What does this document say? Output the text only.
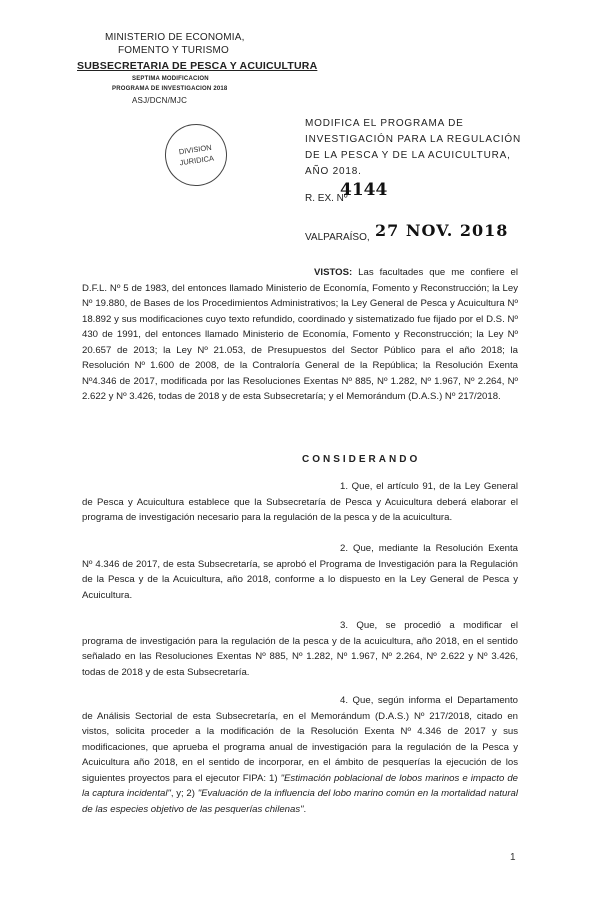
MINISTERIO DE ECONOMIA,
FOMENTO Y TURISMO
SUBSECRETARIA DE PESCA Y ACUICULTURA
SEPTIMA MODIFICACION
PROGRAMA DE INVESTIGACION 2018
ASJ/DCN/MJC
DIVISION
JURIDICA
MODIFICA EL PROGRAMA DE INVESTIGACIÓN PARA LA REGULACIÓN DE LA PESCA Y DE LA ACUICULTURA, AÑO 2018.
R. EX. Nº
4144
VALPARAÍSO, 27 NOV. 2018
VISTOS: Las facultades que me confiere el D.F.L. Nº 5 de 1983, del entonces llamado Ministerio de Economía, Fomento y Reconstrucción; la Ley Nº 19.880, de Bases de los Procedimientos Administrativos; la Ley General de Pesca y Acuicultura Nº 18.892 y sus modificaciones cuyo texto refundido, coordinado y sistematizado fue fijado por el D.S. Nº 430 de 1991, del entonces llamado Ministerio de Economía, Fomento y Reconstrucción; la Ley Nº 20.657 de 2013; la Ley Nº 21.053, de Presupuestos del Sector Público para el año 2018; la Resolución Nº 1.600 de 2008, de la Contraloría General de la República; la Resolución Exenta Nº4.346 de 2017, modificada por las Resoluciones Exentas Nº 885, Nº 1.282, Nº 1.967, Nº 2.264, Nº 2.622 y Nº 3.426, todas de 2018 y de esta Subsecretaría; y el Memorándum (D.A.S.) Nº 217/2018.
CONSIDERANDO
1. Que, el artículo 91, de la Ley General de Pesca y Acuicultura establece que la Subsecretaría de Pesca y Acuicultura deberá elaborar el programa de investigación necesario para la regulación de la pesca y de la acuicultura.
2. Que, mediante la Resolución Exenta Nº 4.346 de 2017, de esta Subsecretaría, se aprobó el Programa de Investigación para la Regulación de la Pesca y de la Acuicultura, año 2018, conforme a lo dispuesto en la Ley General de Pesca y Acuicultura.
3. Que, se procedió a modificar el programa de investigación para la regulación de la pesca y de la acuicultura, año 2018, en el sentido señalado en las Resoluciones Exentas Nº 885, Nº 1.282, Nº 1.967, Nº 2.264, Nº 2.622 y Nº 3.426, todas de 2018 y de esta Subsecretaría.
4. Que, según informa el Departamento de Análisis Sectorial de esta Subsecretaría, en el Memorándum (D.A.S.) Nº 217/2018, citado en vistos, solicita proceder a la modificación de la Resolución Exenta Nº 4.346 de 2017 y sus modificaciones, que aprueba el programa anual de investigación para la regulación de la Pesca y Acuicultura año 2018, en el sentido de incorporar, en el ámbito de pesquerías la ejecución de los siguientes proyectos para el ejecutor FIPA: 1) "Estimación poblacional de lobos marinos e impacto de la captura incidental", y; 2) "Evaluación de la influencia del lobo marino común en la mortalidad natural de las especies objetivo de las pesquerías chilenas".
1
